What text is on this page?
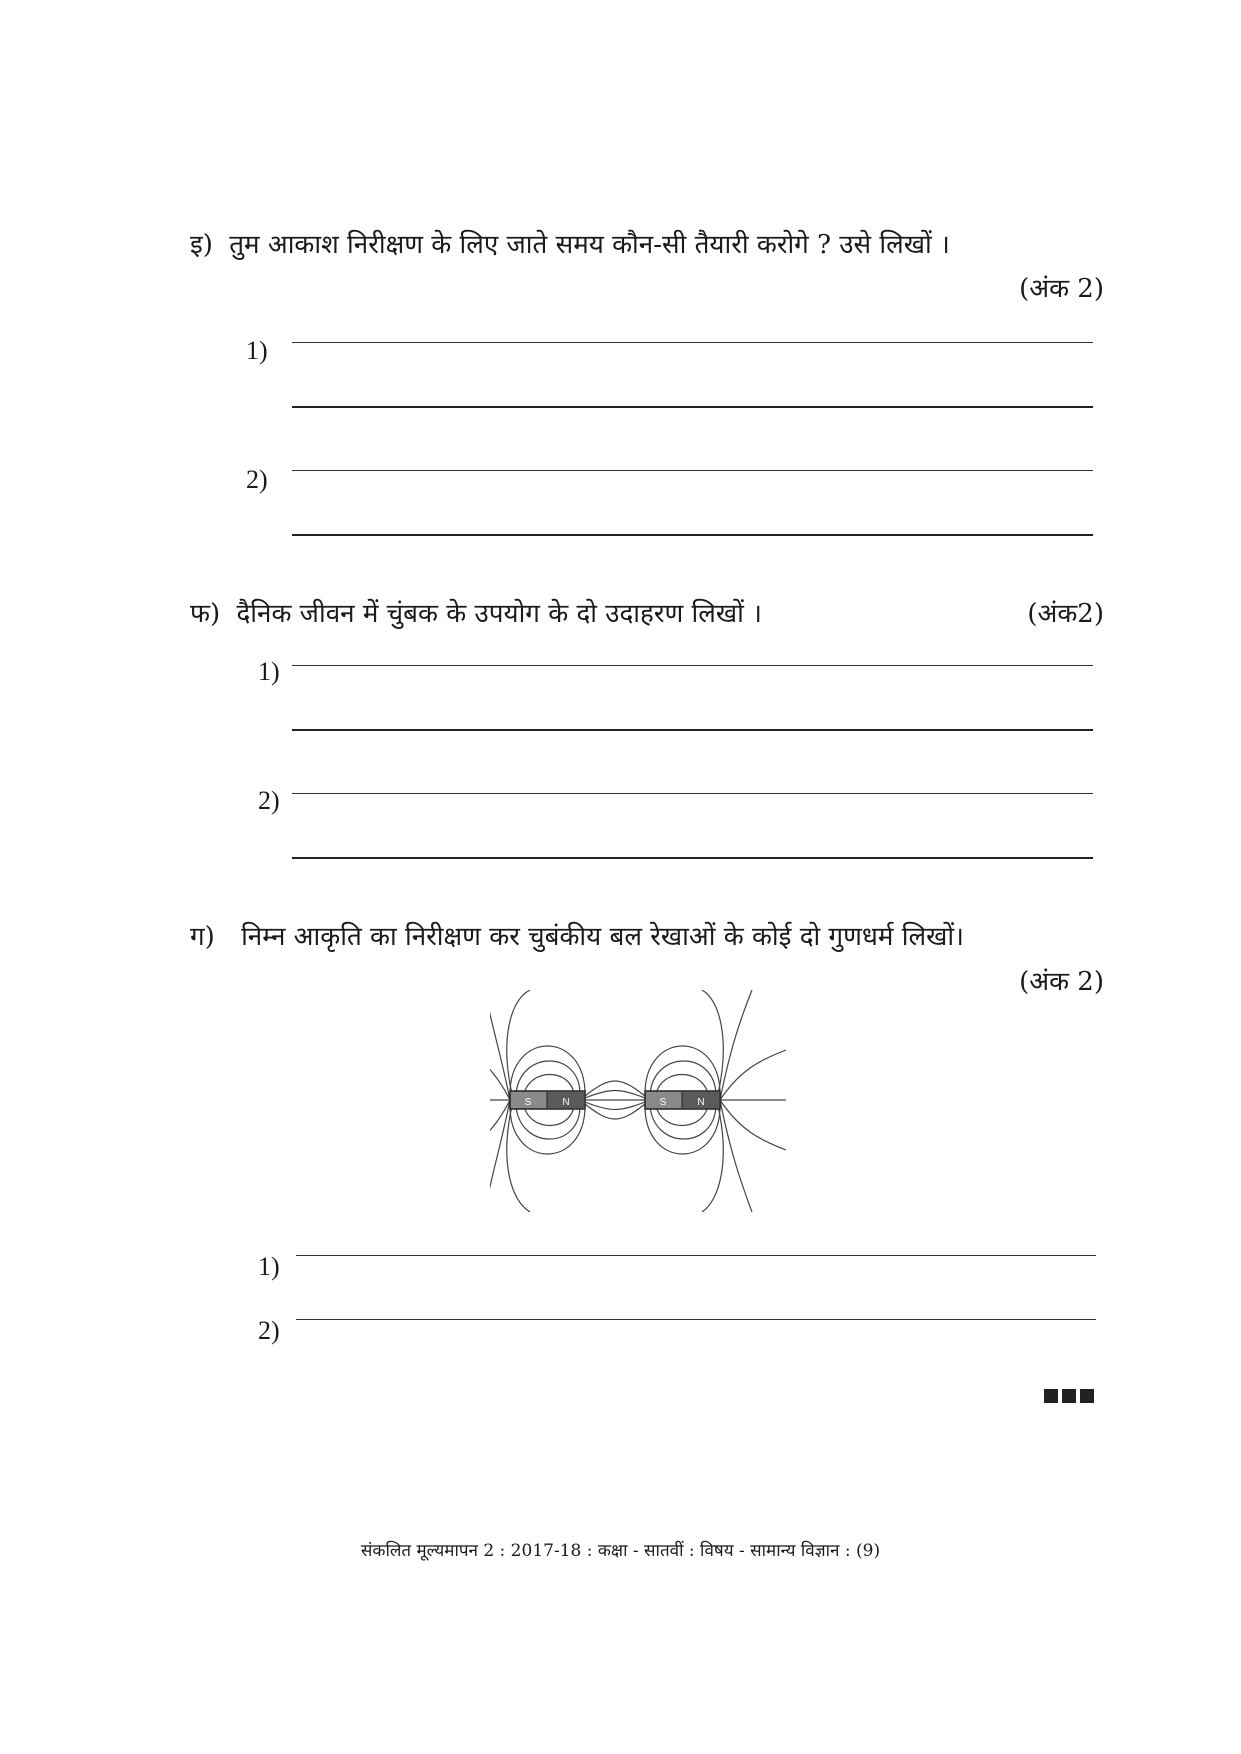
इ) तुम आकाश निरीक्षण के लिए जाते समय कौन-सी तैयारी करोगे ? उसे लिखों ।
(अंक 2)
1)
2)
फ) दैनिक जीवन में चुंबक के उपयोग के दो उदाहरण लिखों ।	(अंक2)
1)
2)
ग) निम्न आकृति का निरीक्षण कर चुबंकीय बल रेखाओं के कोई दो गुणधर्म लिखों।
(अंक 2)
S	N	S	N
1)
2)
संकलित मूल्यमापन 2 : 2017-18 : कक्षा - सातवीं : विषय - सामान्य विज्ञान : (9)
